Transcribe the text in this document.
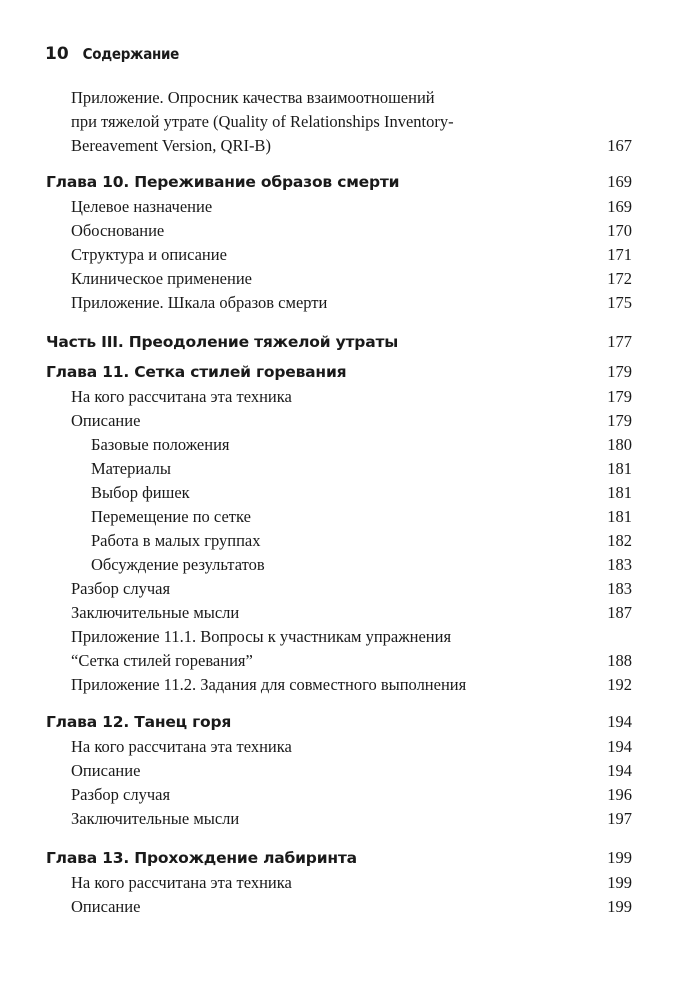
10 Содержание
Приложение. Опросник качества взаимоотношений
при тяжелой утрате (Quality of Relationships Inventory-
Bereavement Version, QRI-B)	167
Глава 10. Переживание образов смерти	169
Целевое назначение	169
Обоснование	170
Структура и описание	171
Клиническое применение	172
Приложение. Шкала образов смерти	175
Часть III. Преодоление тяжелой утраты	177
Глава 11. Сетка стилей горевания	179
На кого рассчитана эта техника	179
Описание	179
Базовые положения	180
Материалы	181
Выбор фишек	181
Перемещение по сетке	181
Работа в малых группах	182
Обсуждение результатов	183
Разбор случая	183
Заключительные мысли	187
Приложение 11.1. Вопросы к участникам упражнения
“Сетка стилей горевания”	188
Приложение 11.2. Задания для совместного выполнения	192
Глава 12. Танец горя	194
На кого рассчитана эта техника	194
Описание	194
Разбор случая	196
Заключительные мысли	197
Глава 13. Прохождение лабиринта	199
На кого рассчитана эта техника	199
Описание	199
